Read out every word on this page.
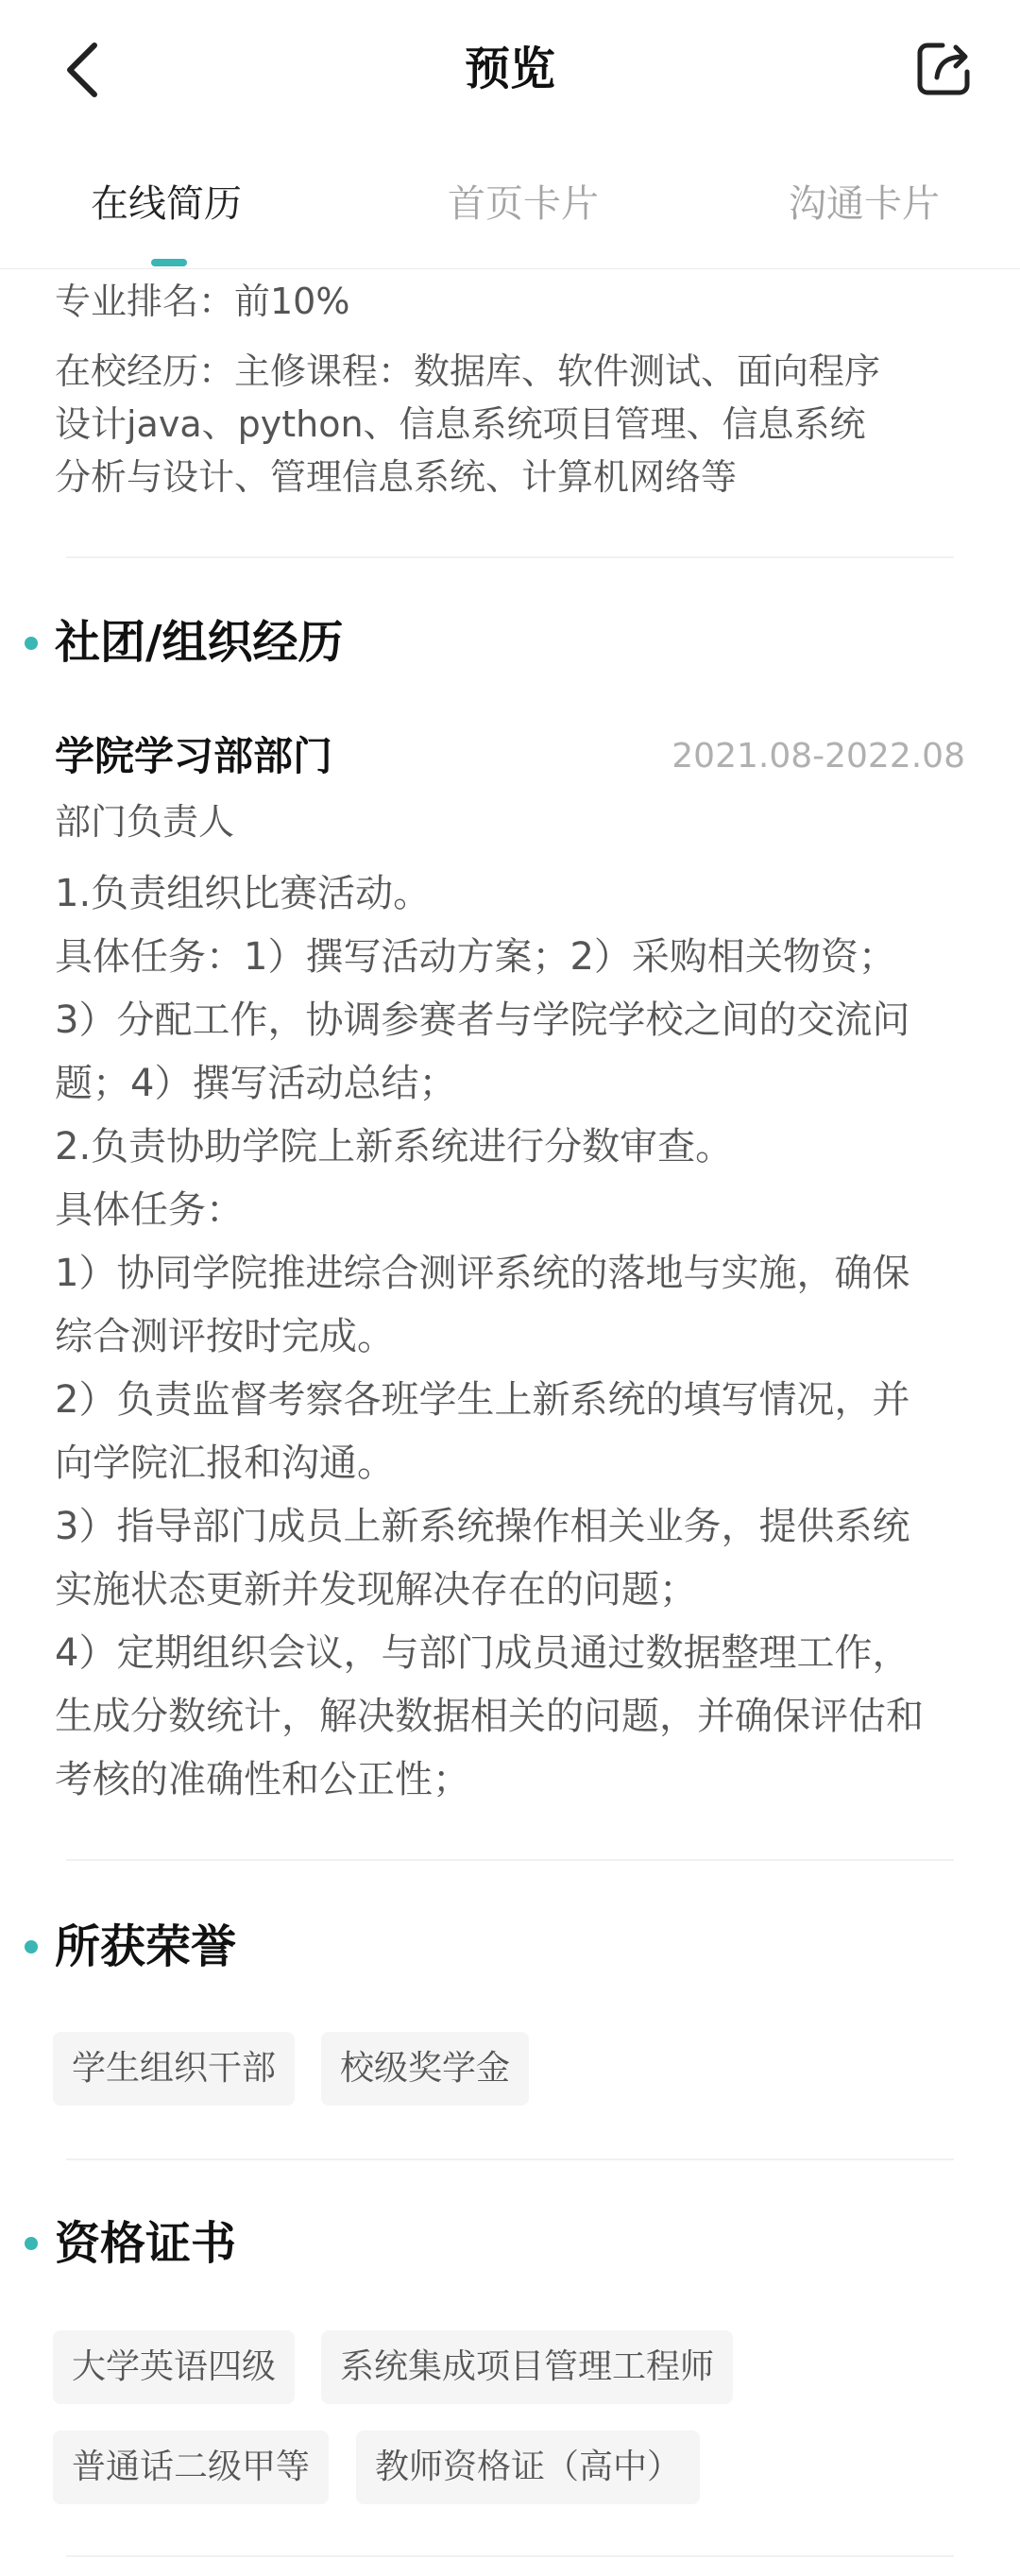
预览
在线简历	首页卡片	沟通卡片
专业排名：前10%
在校经历：主修课程：数据库、软件测试、面向程序
设计java、python、信息系统项目管理、信息系统
分析与设计、管理信息系统、计算机网络等
社团/组织经历
学院学习部部门	2021.08-2022.08
部门负责人
1.负责组织比赛活动。
具体任务：1）撰写活动方案；2）采购相关物资；
3）分配工作，协调参赛者与学院学校之间的交流问
题；4）撰写活动总结；
2.负责协助学院上新系统进行分数审查。
具体任务：
1）协同学院推进综合测评系统的落地与实施，确保
综合测评按时完成。
2）负责监督考察各班学生上新系统的填写情况，并
向学院汇报和沟通。
3）指导部门成员上新系统操作相关业务，提供系统
实施状态更新并发现解决存在的问题；
4）定期组织会议，与部门成员通过数据整理工作，
生成分数统计，解决数据相关的问题，并确保评估和
考核的准确性和公正性；
所获荣誉
学生组织干部	校级奖学金
资格证书
大学英语四级	系统集成项目管理工程师
普通话二级甲等	教师资格证（高中）
